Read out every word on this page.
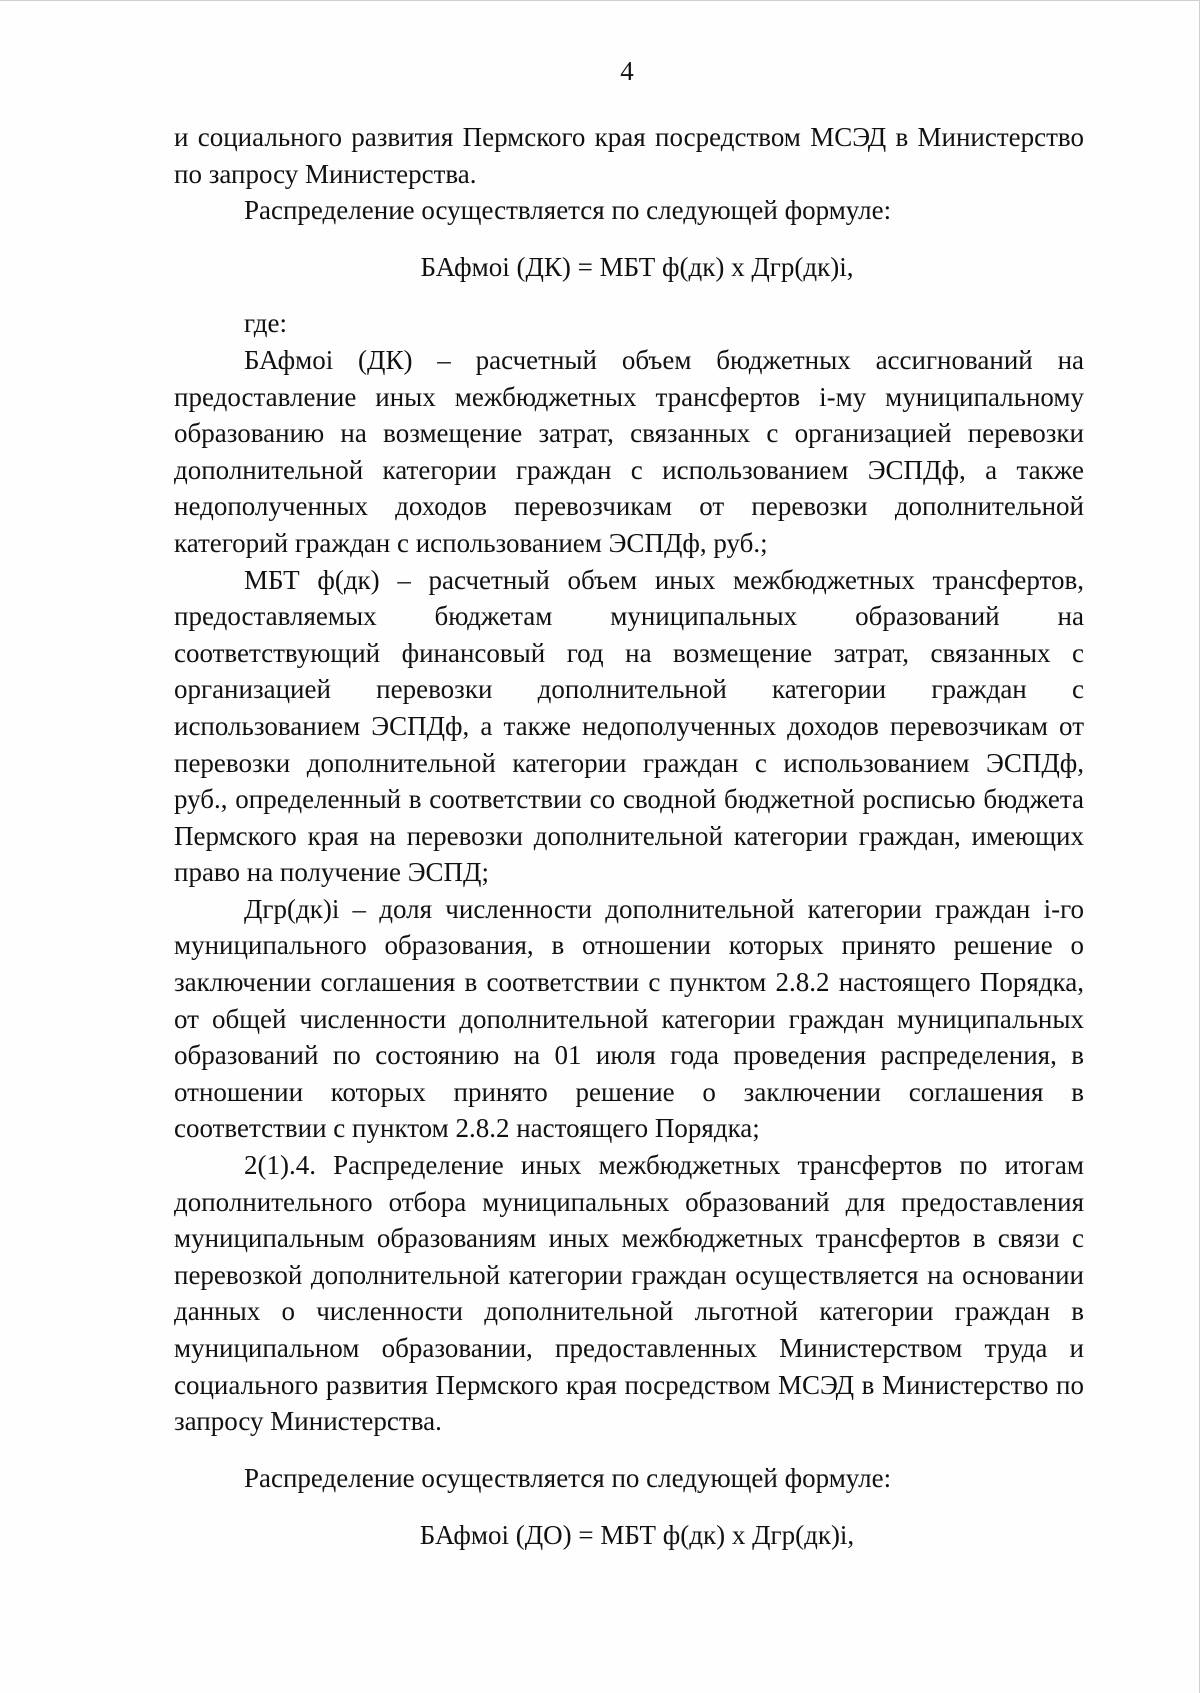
4

и социального развития Пермского края посредством МСЭД в Министерство по запросу Министерства.

Распределение осуществляется по следующей формуле:

БАфмоi (ДК) = МБТ ф(дк) x Дгр(дк)i,

где:

БАфмоi (ДК) – расчетный объем бюджетных ассигнований на предоставление иных межбюджетных трансфертов i-му муниципальному образованию на возмещение затрат, связанных с организацией перевозки дополнительной категории граждан с использованием ЭСПДф, а также недополученных доходов перевозчикам от перевозки дополнительной категорий граждан с использованием ЭСПДф, руб.;

МБТ ф(дк) – расчетный объем иных межбюджетных трансфертов, предоставляемых бюджетам муниципальных образований на соответствующий финансовый год на возмещение затрат, связанных с организацией перевозки дополнительной категории граждан с использованием ЭСПДф, а также недополученных доходов перевозчикам от перевозки дополнительной категории граждан с использованием ЭСПДф, руб., определенный в соответствии со сводной бюджетной росписью бюджета Пермского края на перевозки дополнительной категории граждан, имеющих право на получение ЭСПД;

Дгр(дк)i – доля численности дополнительной категории граждан i-го муниципального образования, в отношении которых принято решение о заключении соглашения в соответствии с пунктом 2.8.2 настоящего Порядка, от общей численности дополнительной категории граждан муниципальных образований по состоянию на 01 июля года проведения распределения, в отношении которых принято решение о заключении соглашения в соответствии с пунктом 2.8.2 настоящего Порядка;

2(1).4. Распределение иных межбюджетных трансфертов по итогам дополнительного отбора муниципальных образований для предоставления муниципальным образованиям иных межбюджетных трансфертов в связи с перевозкой дополнительной категории граждан осуществляется на основании данных о численности дополнительной льготной категории граждан в муниципальном образовании, предоставленных Министерством труда и социального развития Пермского края посредством МСЭД в Министерство по запросу Министерства.

Распределение осуществляется по следующей формуле:

БАфмоi (ДО) = МБТ ф(дк) x Дгр(дк)i,
